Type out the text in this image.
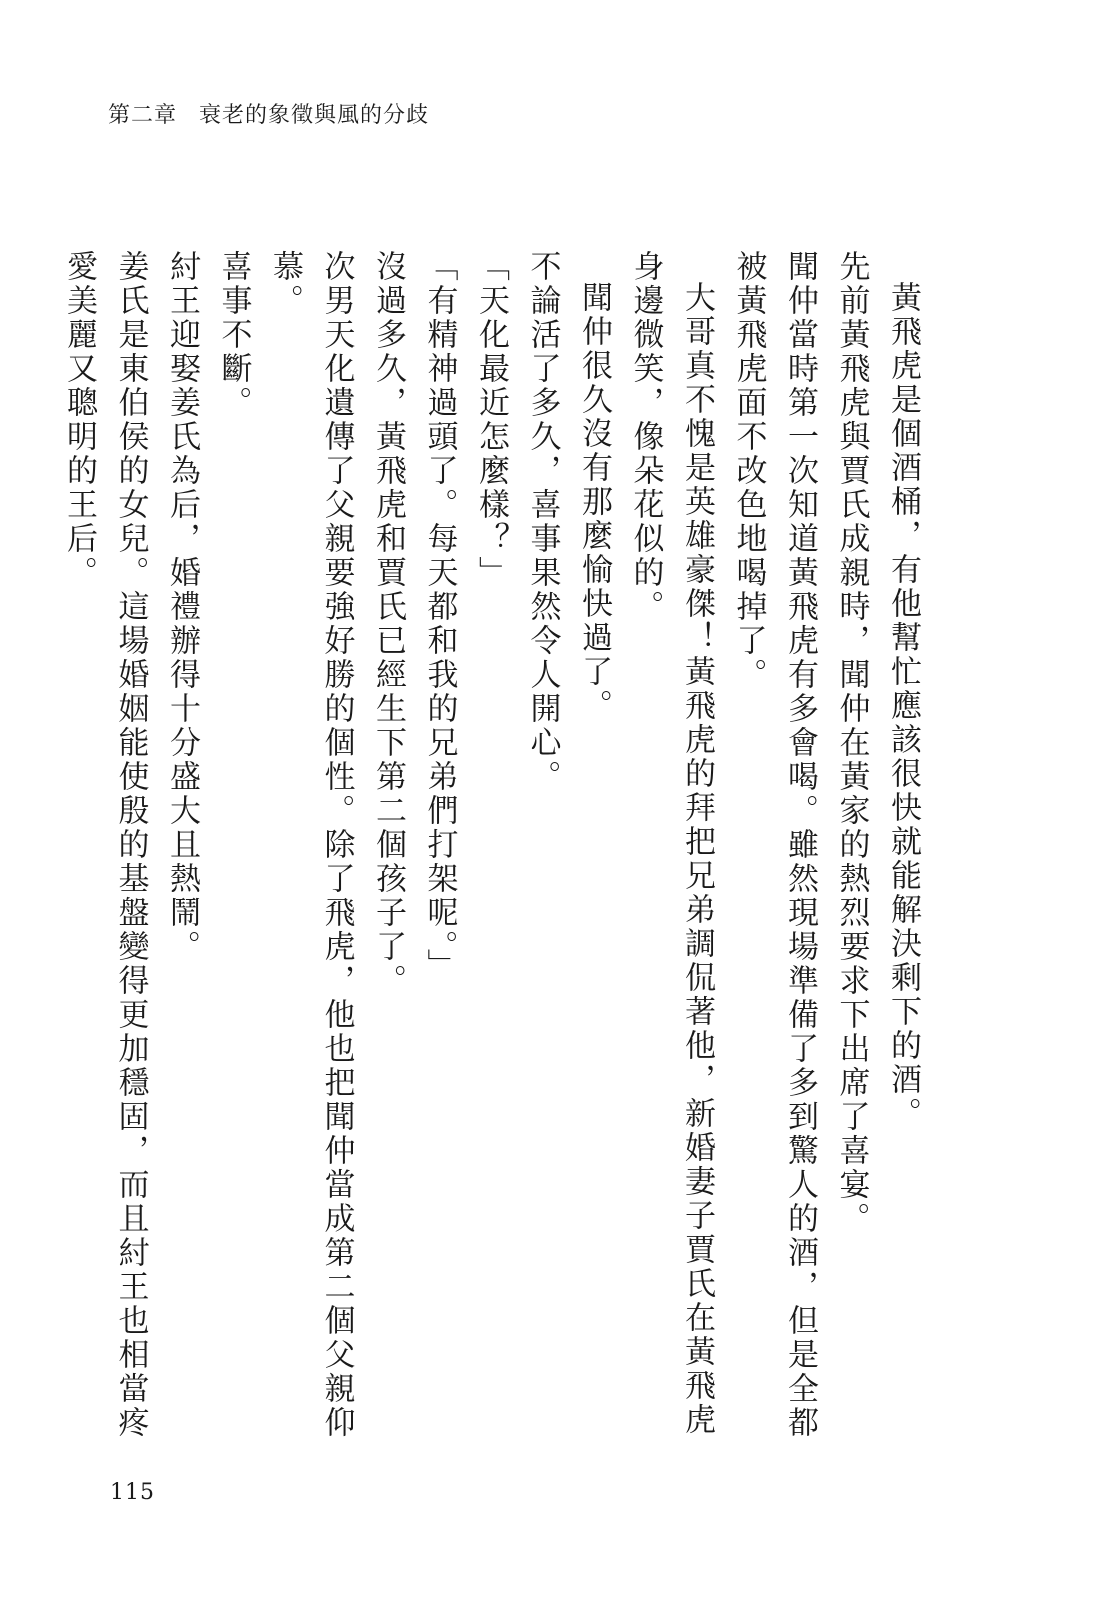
第二章 衰老的象徵與風的分歧

黃飛虎是個酒桶，有他幫忙應該很快就能解決剩下的酒。

先前黃飛虎與賈氏成親時，聞仲在黃家的熱烈要求下出席了喜宴。

聞仲當時第一次知道黃飛虎有多會喝。雖然現場準備了多到驚人的酒，但是全都被黃飛虎面不改色地喝掉了。

大哥真不愧是英雄豪傑！黃飛虎的拜把兄弟調侃著他，新婚妻子賈氏在黃飛虎身邊微笑，像朵花似的。

聞仲很久沒有那麼愉快過了。

不論活了多久，喜事果然令人開心。

「天化最近怎麼樣？」

「有精神過頭了。每天都和我的兄弟們打架呢。」

沒過多久，黃飛虎和賈氏已經生下第二個孩子了。

次男天化遺傳了父親要強好勝的個性。除了飛虎，他也把聞仲當成第二個父親仰慕。

喜事不斷。

紂王迎娶姜氏為后，婚禮辦得十分盛大且熱鬧。

姜氏是東伯侯的女兒。這場婚姻能使殷的基盤變得更加穩固，而且紂王也相當疼愛美麗又聰明的王后。

115
